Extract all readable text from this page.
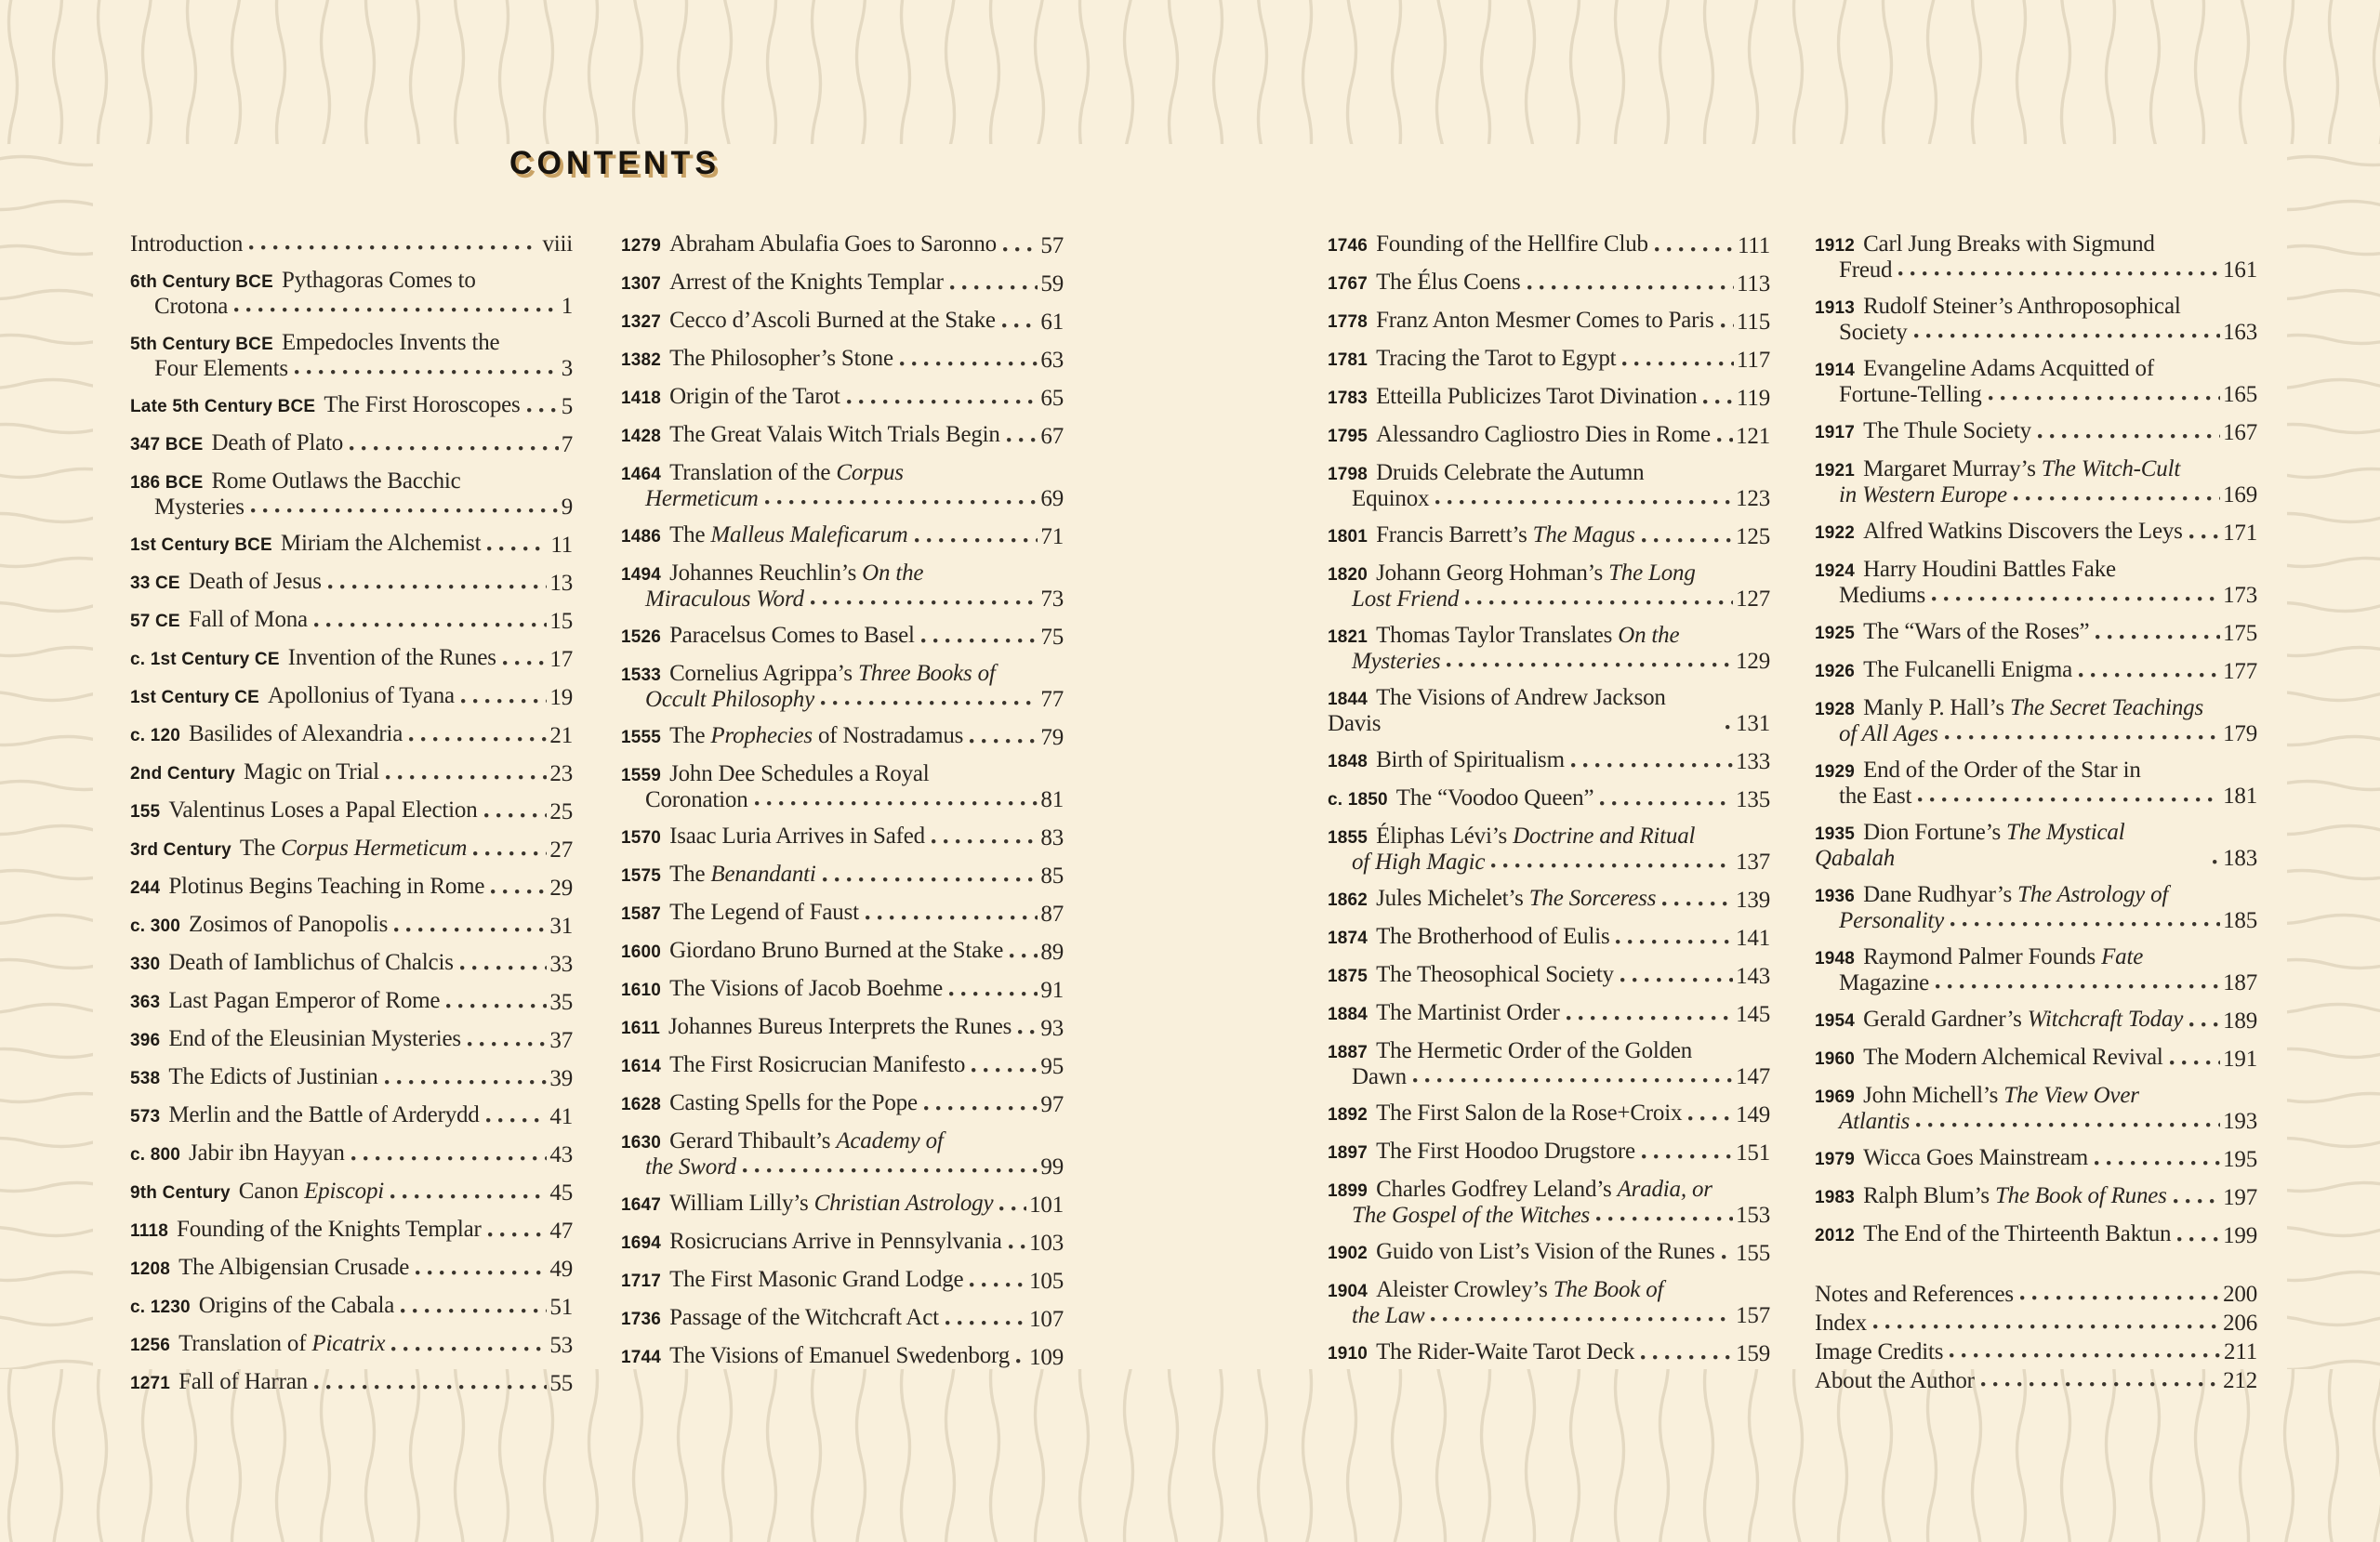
CONTENTS
Introduction	viii
6th Century BCE Pythagoras Comes to
Crotona	1
5th Century BCE Empedocles Invents the
Four Elements	3
Late 5th Century BCE The First Horoscopes 5
347 BCE Death of Plato	7
186 BCE Rome Outlaws the Bacchic
Mysteries	9
1st Century BCE Miriam the Alchemist	11
33 CE Death of Jesus	13
57 CE Fall of Mona	15
c. 1st Century CE Invention of the Runes 17
1st Century CE Apollonius of Tyana	19
c. 120 Basilides of Alexandria	21
2nd Century Magic on Trial	23
155 Valentinus Loses a Papal Election	25
3rd Century The Corpus Hermeticum	27
244 Plotinus Begins Teaching in Rome	29
c. 300 Zosimos of Panopolis	31
330 Death of Iamblichus of Chalcis	33
363 Last Pagan Emperor of Rome	35
396 End of the Eleusinian Mysteries	37
538 The Edicts of Justinian	39
573 Merlin and the Battle of Arderydd	41
c. 800 Jabir ibn Hayyan	43
9th Century Canon Episcopi	45
1118 Founding of the Knights Templar	47
1208 The Albigensian Crusade	49
c. 1230 Origins of the Cabala	51
1256 Translation of Picatrix	53
1271 Fall of Harran	55
1279 Abraham Abulafia Goes to Saronno 57
1307 Arrest of the Knights Templar	59
1327 Cecco d’Ascoli Burned at the Stake 61
1382 The Philosopher’s Stone	63
1418 Origin of the Tarot	65
1428 The Great Valais Witch Trials Begin 67
1464 Translation of the Corpus
Hermeticum	69
1486 The Malleus Maleficarum	71
1494 Johannes Reuchlin’s On the
Miraculous Word	73
1526 Paracelsus Comes to Basel	75
1533 Cornelius Agrippa’s Three Books of
Occult Philosophy	77
1555 The Prophecies of Nostradamus	79
1559 John Dee Schedules a Royal
Coronation	81
1570 Isaac Luria Arrives in Safed	83
1575 The Benandanti	85
1587 The Legend of Faust	87
1600 Giordano Bruno Burned at the Stake 89
1610 The Visions of Jacob Boehme	91
1611 Johannes Bureus Interprets the Runes 93
1614 The First Rosicrucian Manifesto	95
1628 Casting Spells for the Pope	97
1630 Gerard Thibault’s Academy of
the Sword	99
1647 William Lilly’s Christian Astrology 101
1694 Rosicrucians Arrive in Pennsylvania 103
1717 The First Masonic Grand Lodge	105
1736 Passage of the Witchcraft Act	107
1744 The Visions of Emanuel Swedenborg 109
1746 Founding of the Hellfire Club	111
1767 The Élus Coens	113
1778 Franz Anton Mesmer Comes to Paris 115
1781 Tracing the Tarot to Egypt	117
1783 Etteilla Publicizes Tarot Divination 119
1795 Alessandro Cagliostro Dies in Rome 121
1798 Druids Celebrate the Autumn
Equinox	123
1801 Francis Barrett’s The Magus	125
1820 Johann Georg Hohman’s The Long
Lost Friend	127
1821 Thomas Taylor Translates On the
Mysteries	129
1844 The Visions of Andrew Jackson Davis	131
1848 Birth of Spiritualism	133
c. 1850 The “Voodoo Queen”	135
1855 Éliphas Lévi’s Doctrine and Ritual
of High Magic	137
1862 Jules Michelet’s The Sorceress	139
1874 The Brotherhood of Eulis	141
1875 The Theosophical Society	143
1884 The Martinist Order	145
1887 The Hermetic Order of the Golden
Dawn	147
1892 The First Salon de la Rose+Croix 149
1897 The First Hoodoo Drugstore	151
1899 Charles Godfrey Leland’s Aradia, or
The Gospel of the Witches	153
1902 Guido von List’s Vision of the Runes 155
1904 Aleister Crowley’s The Book of
the Law	157
1910 The Rider-Waite Tarot Deck	159
1912 Carl Jung Breaks with Sigmund
Freud	161
1913 Rudolf Steiner’s Anthroposophical
Society	163
1914 Evangeline Adams Acquitted of
Fortune-Telling	165
1917 The Thule Society	167
1921 Margaret Murray’s The Witch-Cult
in Western Europe	169
1922 Alfred Watkins Discovers the Leys 171
1924 Harry Houdini Battles Fake
Mediums	173
1925 The “Wars of the Roses”	175
1926 The Fulcanelli Enigma	177
1928 Manly P. Hall’s The Secret Teachings
of All Ages	179
1929 End of the Order of the Star in
the East	181
1935 Dion Fortune’s The Mystical Qabalah	183
1936 Dane Rudhyar’s The Astrology of
Personality	185
1948 Raymond Palmer Founds Fate
Magazine	187
1954 Gerald Gardner’s Witchcraft Today 189
1960 The Modern Alchemical Revival	191
1969 John Michell’s The View Over
Atlantis	193
1979 Wicca Goes Mainstream	195
1983 Ralph Blum’s The Book of Runes 197
2012 The End of the Thirteenth Baktun 199
Notes and References	200
Index	206
Image Credits	211
About the Author	212
